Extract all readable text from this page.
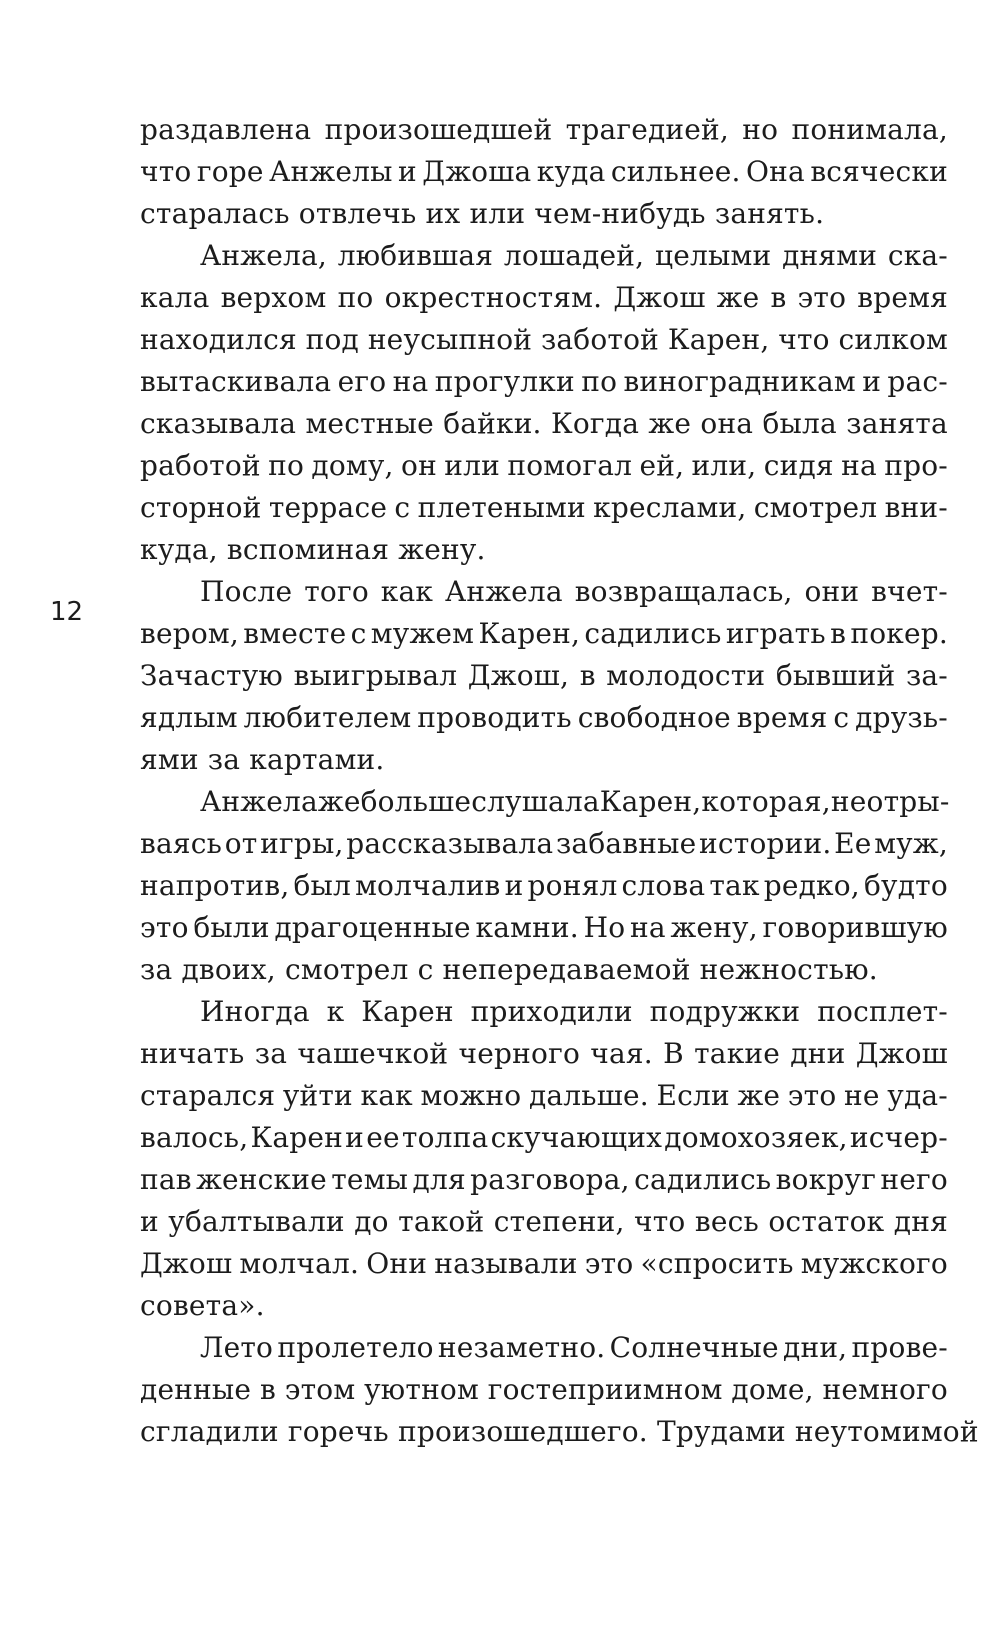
12
раздавлена произошедшей трагедией, но понимала,
что горе Анжелы и Джоша куда сильнее. Она всячески
старалась отвлечь их или чем-нибудь занять.
Анжела, любившая лошадей, целыми днями ска-
кала верхом по окрестностям. Джош же в это время
находился под неусыпной заботой Карен, что силком
вытаскивала его на прогулки по виноградникам и рас-
сказывала местные байки. Когда же она была занята
работой по дому, он или помогал ей, или, сидя на про-
сторной террасе с плетеными креслами, смотрел вни-
куда, вспоминая жену.
После того как Анжела возвращалась, они вчет-
вером, вместе с мужем Карен, садились играть в покер.
Зачастую выигрывал Джош, в молодости бывший за-
ядлым любителем проводить свободное время с друзь-
ями за картами.
Анжела же больше слушала Карен, которая, не отры-
ваясь от игры, рассказывала забавные истории. Ее муж,
напротив, был молчалив и ронял слова так редко, будто
это были драгоценные камни. Но на жену, говорившую
за двоих, смотрел с непередаваемой нежностью.
Иногда к Карен приходили подружки посплет-
ничать за чашечкой черного чая. В такие дни Джош
старался уйти как можно дальше. Если же это не уда-
валось, Карен и ее толпа скучающих домохозяек, исчер-
пав женские темы для разговора, садились вокруг него
и убалтывали до такой степени, что весь остаток дня
Джош молчал. Они называли это «спросить мужского
совета».
Лето пролетело незаметно. Солнечные дни, прове-
денные в этом уютном гостеприимном доме, немного
сгладили горечь произошедшего. Трудами неутомимой
